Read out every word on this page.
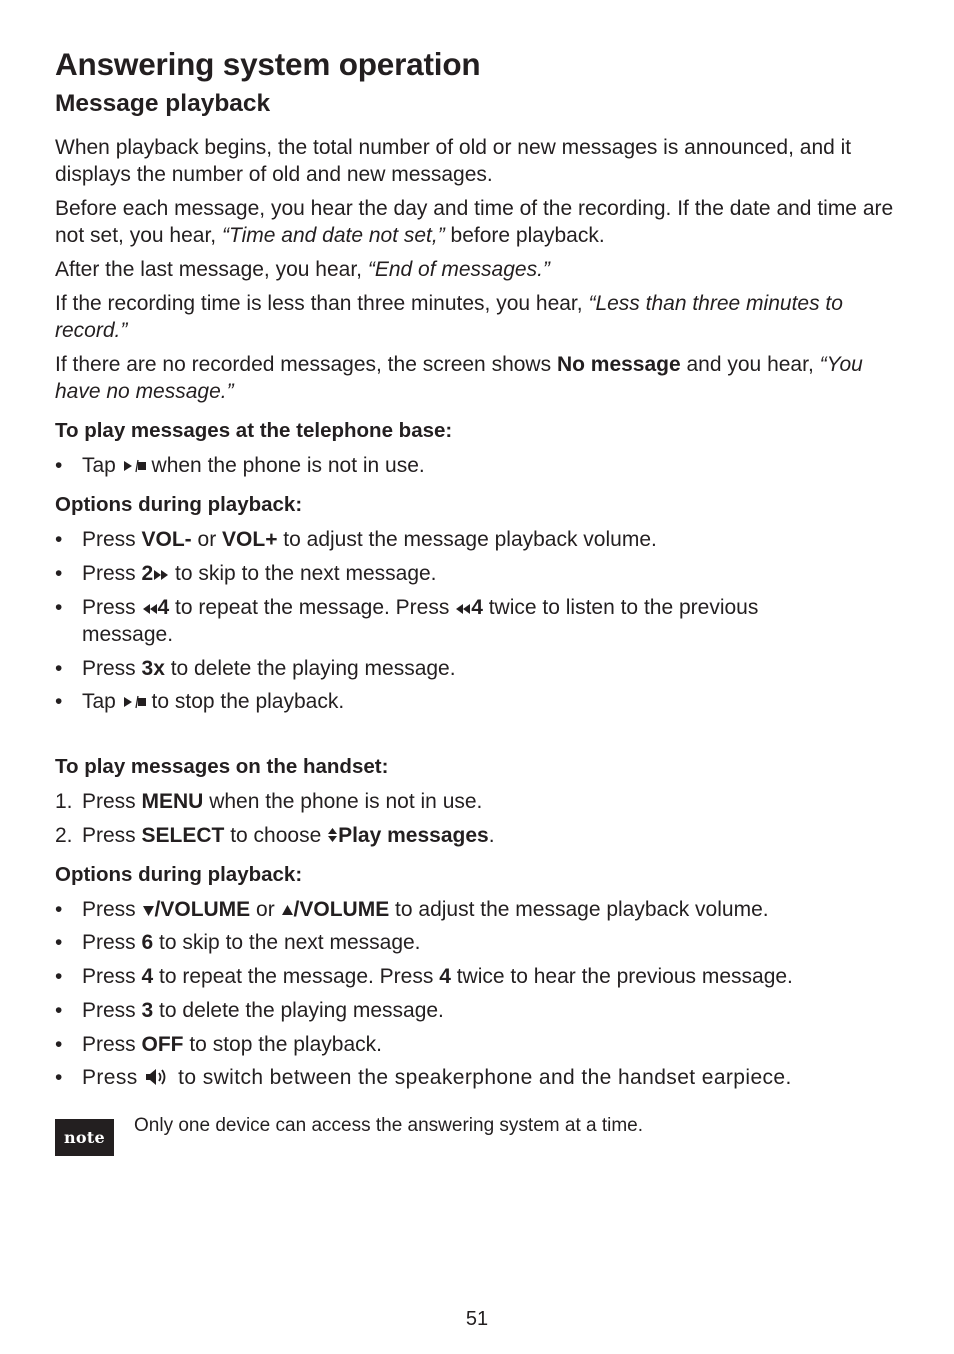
Answering system operation
Message playback

When playback begins, the total number of old or new messages is announced, and it displays the number of old and new messages.

Before each message, you hear the day and time of the recording. If the date and time are not set, you hear, “Time and date not set,” before playback.

After the last message, you hear, “End of messages.”

If the recording time is less than three minutes, you hear, “Less than three minutes to record.”

If there are no recorded messages, the screen shows No message and you hear, “You have no message.”

To play messages at the telephone base:
• Tap  when the phone is not in use.
Options during playback:
• Press VOL- or VOL+ to adjust the message playback volume.
• Press 2 to skip to the next message.
• Press 4 to repeat the message. Press 4 twice to listen to the previous message.
• Press 3x to delete the playing message.
• Tap  to stop the playback.
To play messages on the handset:
1. Press MENU when the phone is not in use.
2. Press SELECT to choose Play messages.
Options during playback:
• Press /VOLUME or /VOLUME to adjust the message playback volume.
• Press 6 to skip to the next message.
• Press 4 to repeat the message. Press 4 twice to hear the previous message.
• Press 3 to delete the playing message.
• Press OFF to stop the playback.
• Press  to switch between the speakerphone and the handset earpiece.
note
Only one device can access the answering system at a time.
51
